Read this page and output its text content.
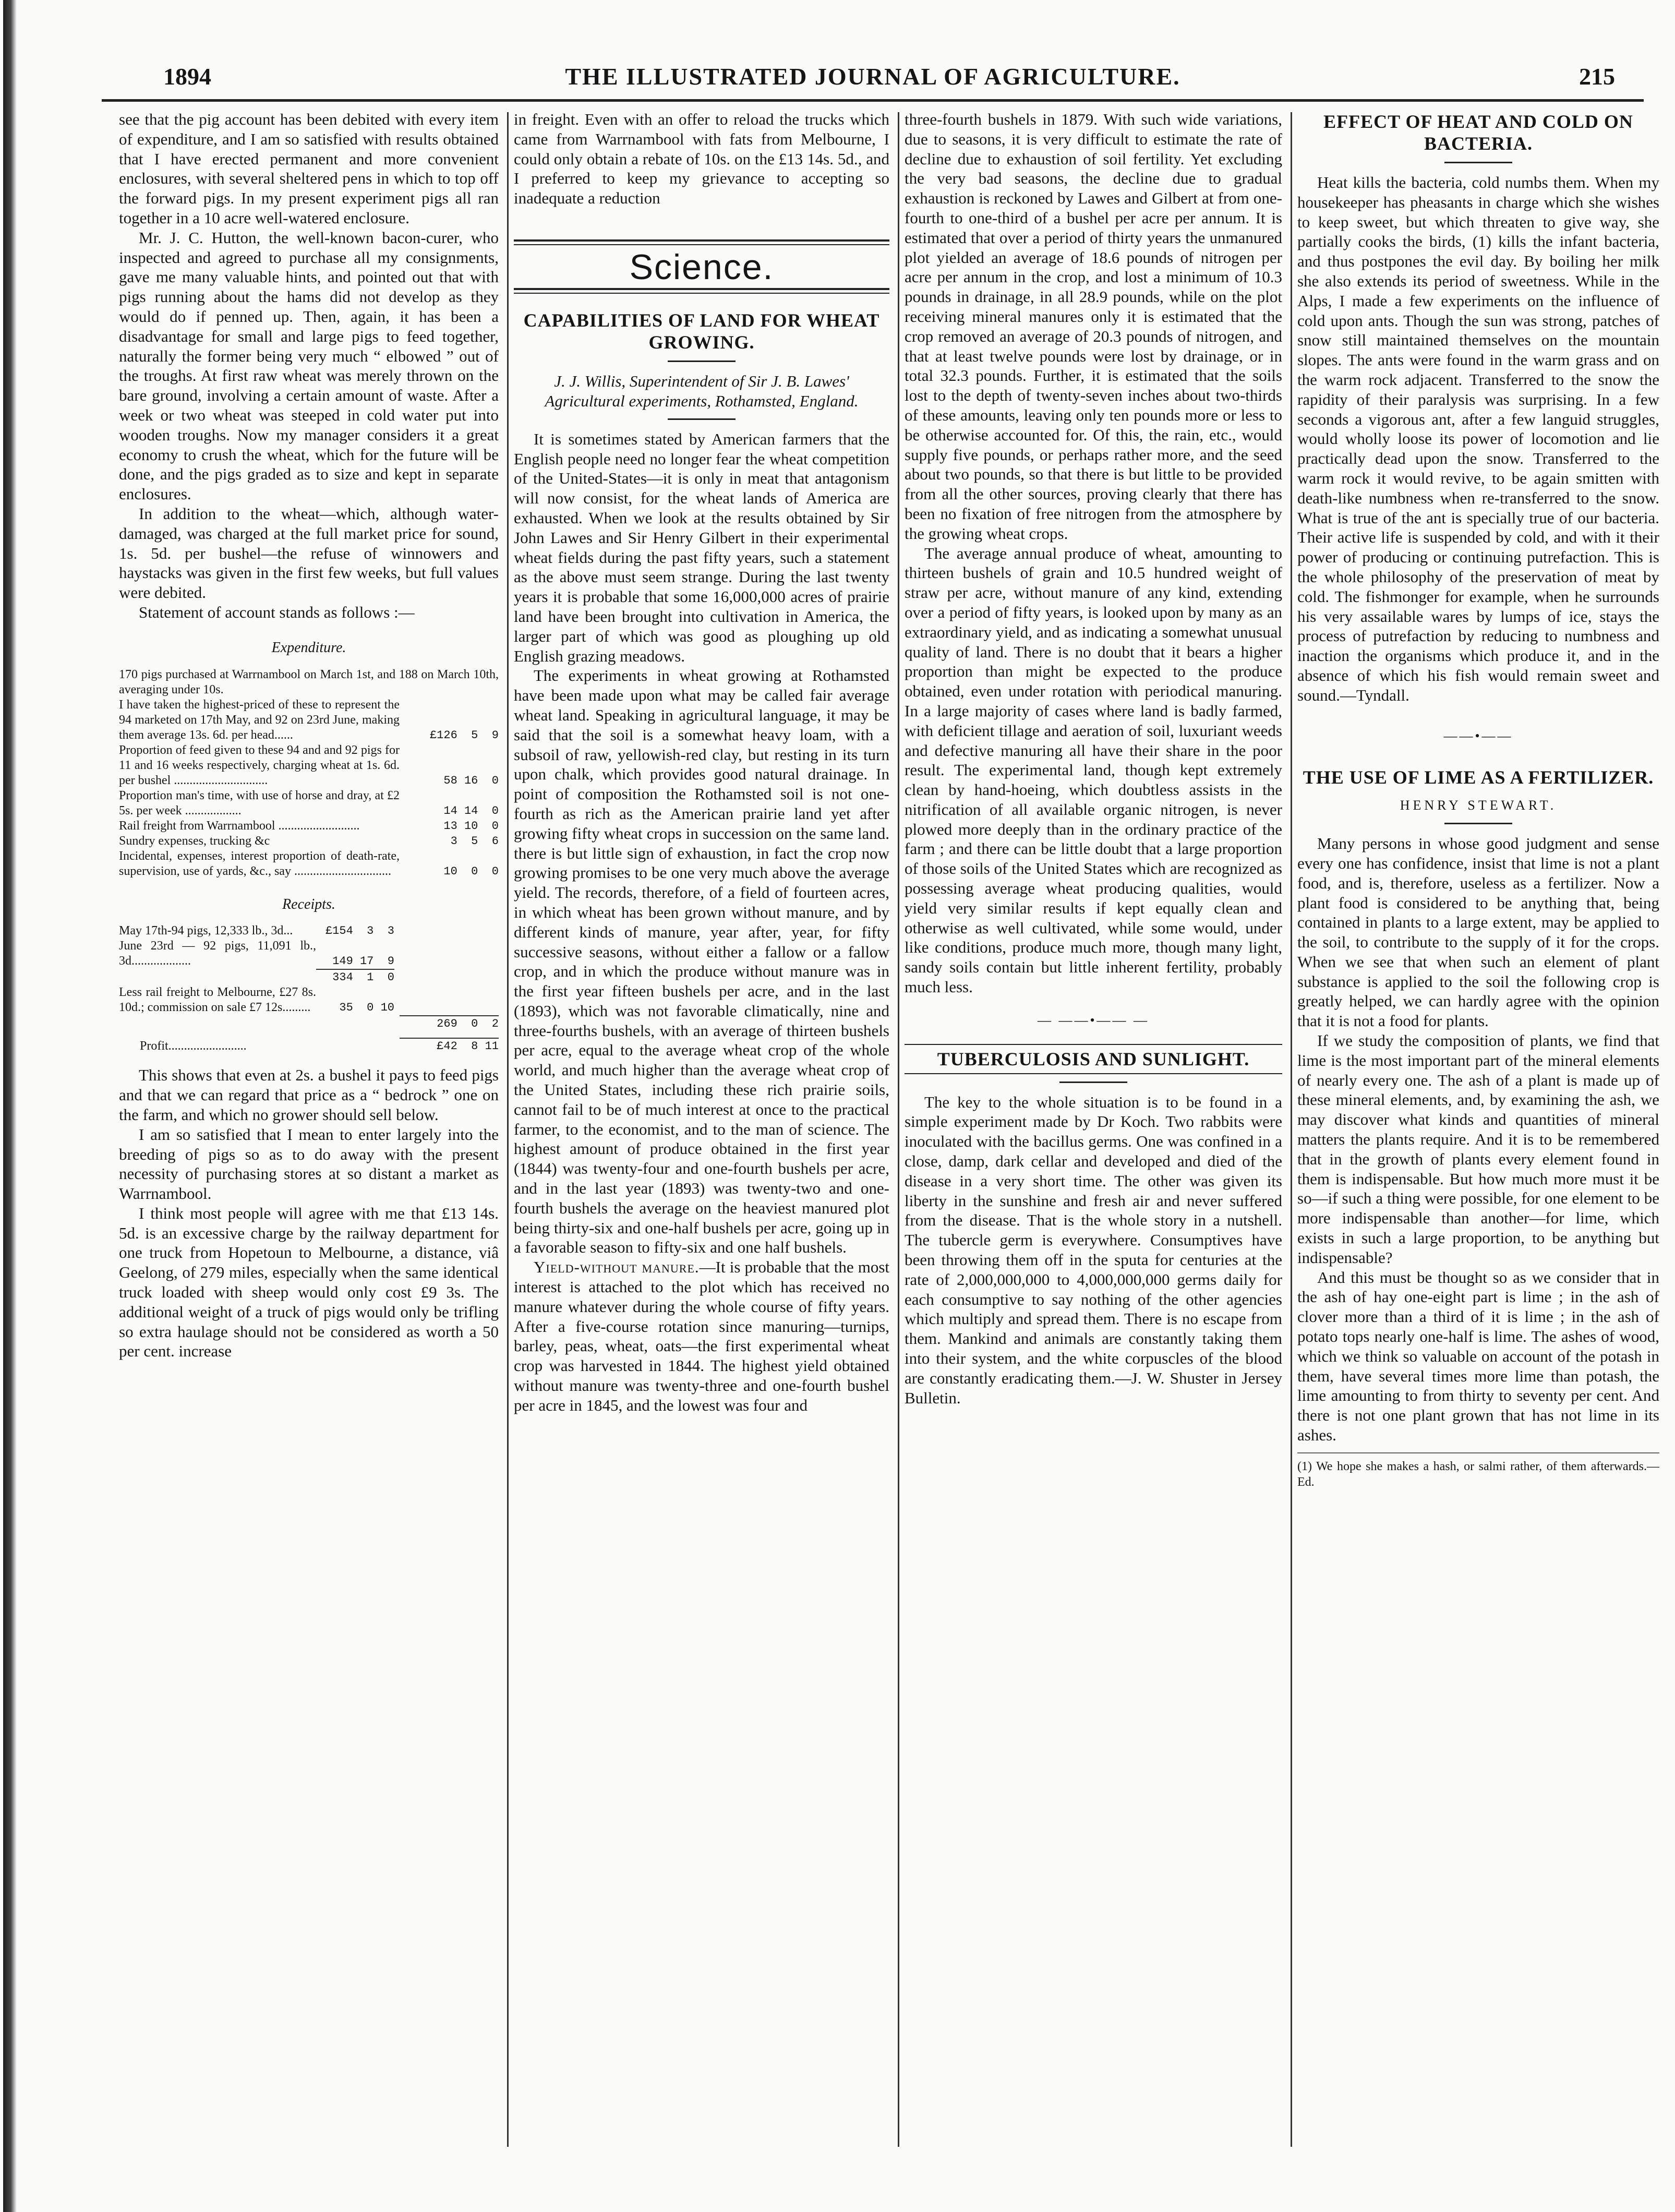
1894	THE ILLUSTRATED JOURNAL OF AGRICULTURE.	215

see that the pig account has been debited with every item of expenditure, and I am so satisfied with results obtained that I have erected permanent and more convenient enclosures, with several sheltered pens in which to top off the forward pigs. In my present experiment pigs all ran together in a 10 acre well-watered enclosure.

Mr. J. C. Hutton, the well-known bacon-curer, who inspected and agreed to purchase all my consignments, gave me many valuable hints, and pointed out that with pigs running about the hams did not develop as they would do if penned up. Then, again, it has been a disadvantage for small and large pigs to feed together, naturally the former being very much “ elbowed ” out of the troughs. At first raw wheat was merely thrown on the bare ground, involving a certain amount of waste. After a week or two wheat was steeped in cold water put into wooden troughs. Now my manager considers it a great economy to crush the wheat, which for the future will be done, and the pigs graded as to size and kept in separate enclosures.

In addition to the wheat—which, although water-damaged, was charged at the full market price for sound, 1s. 5d. per bushel—the refuse of winnowers and haystacks was given in the first few weeks, but full values were debited.

Statement of account stands as follows :—

Expenditure.
170 pigs purchased at Warrnambool on March 1st, and 188 on March 10th, averaging under 10s.
I have taken the highest-priced of these to represent the 94 marketed on 17th May, and 92 on 23rd June, making them average 13s. 6d. per head......	£126  5  9
Proportion of feed given to these 94 and and 92 pigs for 11 and 16 weeks respectively, charging wheat at 1s. 6d. per bushel ..............................	58 16  0
Proportion man's time, with use of horse and dray, at £2 5s. per week ..................	14 14  0
Rail freight from Warrnambool ..........................	13 10  0
Sundry expenses, trucking &c	3  5  6
Incidental, expenses, interest proportion of death-rate, supervision, use of yards, &c., say ...............................	10  0  0
Receipts.
May 17th-94 pigs, 12,333 lb., 3d...	£154  3  3
June 23rd — 92 pigs, 11,091 lb., 3d...................	149 17  9
334  1  0
Less rail freight to Melbourne, £27 8s. 10d.; commission on sale £7 12s.........	35  0 10
269  0  2
Profit.........................	£42  8 11

This shows that even at 2s. a bushel it pays to feed pigs and that we can regard that price as a “ bedrock ” one on the farm, and which no grower should sell below.

I am so satisfied that I mean to enter largely into the breeding of pigs so as to do away with the present necessity of purchasing stores at so distant a market as Warrnambool.

I think most people will agree with me that £13 14s. 5d. is an excessive charge by the railway department for one truck from Hopetoun to Melbourne, a distance, viâ Geelong, of 279 miles, especially when the same identical truck loaded with sheep would only cost £9 3s. The additional weight of a truck of pigs would only be trifling so extra haulage should not be considered as worth a 50 per cent. increase

in freight. Even with an offer to reload the trucks which came from Warrnambool with fats from Melbourne, I could only obtain a rebate of 10s. on the £13 14s. 5d., and I preferred to keep my grievance to accepting so inadequate a reduction

Science.
CAPABILITIES OF LAND FOR WHEAT GROWING.
J. J. Willis, Superintendent of Sir J. B. Lawes' Agricultural experiments, Rothamsted, England.

It is sometimes stated by American farmers that the English people need no longer fear the wheat competition of the United-States—it is only in meat that antagonism will now consist, for the wheat lands of America are exhausted. When we look at the results obtained by Sir John Lawes and Sir Henry Gilbert in their experimental wheat fields during the past fifty years, such a statement as the above must seem strange. During the last twenty years it is probable that some 16,000,000 acres of prairie land have been brought into cultivation in America, the larger part of which was good as ploughing up old English grazing meadows.

The experiments in wheat growing at Rothamsted have been made upon what may be called fair average wheat land. Speaking in agricultural language, it may be said that the soil is a somewhat heavy loam, with a subsoil of raw, yellowish-red clay, but resting in its turn upon chalk, which provides good natural drainage. In point of composition the Rothamsted soil is not one-fourth as rich as the American prairie land yet after growing fifty wheat crops in succession on the same land. there is but little sign of exhaustion, in fact the crop now growing promises to be one very much above the average yield. The records, therefore, of a field of fourteen acres, in which wheat has been grown without manure, and by different kinds of manure, year after, year, for fifty successive seasons, without either a fallow or a fallow crop, and in which the produce without manure was in the first year fifteen bushels per acre, and in the last (1893), which was not favorable climatically, nine and three-fourths bushels, with an average of thirteen bushels per acre, equal to the average wheat crop of the whole world, and much higher than the average wheat crop of the United States, including these rich prairie soils, cannot fail to be of much interest at once to the practical farmer, to the economist, and to the man of science. The highest amount of produce obtained in the first year (1844) was twenty-four and one-fourth bushels per acre, and in the last year (1893) was twenty-two and one-fourth bushels the average on the heaviest manured plot being thirty-six and one-half bushels per acre, going up in a favorable season to fifty-six and one half bushels.

Yield-without manure.—It is probable that the most interest is attached to the plot which has received no manure whatever during the whole course of fifty years. After a five-course rotation since manuring—turnips, barley, peas, wheat, oats—the first experimental wheat crop was harvested in 1844. The highest yield obtained without manure was twenty-three and one-fourth bushel per acre in 1845, and the lowest was four and

three-fourth bushels in 1879. With such wide variations, due to seasons, it is very difficult to estimate the rate of decline due to exhaustion of soil fertility. Yet excluding the very bad seasons, the decline due to gradual exhaustion is reckoned by Lawes and Gilbert at from one-fourth to one-third of a bushel per acre per annum. It is estimated that over a period of thirty years the unmanured plot yielded an average of 18.6 pounds of nitrogen per acre per annum in the crop, and lost a minimum of 10.3 pounds in drainage, in all 28.9 pounds, while on the plot receiving mineral manures only it is estimated that the crop removed an average of 20.3 pounds of nitrogen, and that at least twelve pounds were lost by drainage, or in total 32.3 pounds. Further, it is estimated that the soils lost to the depth of twenty-seven inches about two-thirds of these amounts, leaving only ten pounds more or less to be otherwise accounted for. Of this, the rain, etc., would supply five pounds, or perhaps rather more, and the seed about two pounds, so that there is but little to be provided from all the other sources, proving clearly that there has been no fixation of free nitrogen from the atmosphere by the growing wheat crops.

The average annual produce of wheat, amounting to thirteen bushels of grain and 10.5 hundred weight of straw per acre, without manure of any kind, extending over a period of fifty years, is looked upon by many as an extraordinary yield, and as indicating a somewhat unusual quality of land. There is no doubt that it bears a higher proportion than might be expected to the produce obtained, even under rotation with periodical manuring. In a large majority of cases where land is badly farmed, with deficient tillage and aeration of soil, luxuriant weeds and defective manuring all have their share in the poor result. The experimental land, though kept extremely clean by hand-hoeing, which doubtless assists in the nitrification of all available organic nitrogen, is never plowed more deeply than in the ordinary practice of the farm ; and there can be little doubt that a large proportion of those soils of the United States which are recognized as possessing average wheat producing qualities, would yield very similar results if kept equally clean and otherwise as well cultivated, while some would, under like conditions, produce much more, though many light, sandy soils contain but little inherent fertility, probably much less.

— ——•—— —
TUBERCULOSIS AND SUNLIGHT.

The key to the whole situation is to be found in a simple experiment made by Dr Koch. Two rabbits were inoculated with the bacillus germs. One was confined in a close, damp, dark cellar and developed and died of the disease in a very short time. The other was given its liberty in the sunshine and fresh air and never suffered from the disease. That is the whole story in a nutshell. The tubercle germ is everywhere. Consumptives have been throwing them off in the sputa for centuries at the rate of 2,000,000,000 to 4,000,000,000 germs daily for each consumptive to say nothing of the other agencies which multiply and spread them. There is no escape from them. Mankind and animals are constantly taking them into their system, and the white corpuscles of the blood are constantly eradicating them.—J. W. Shuster in Jersey Bulletin.

EFFECT OF HEAT AND COLD ON BACTERIA.

Heat kills the bacteria, cold numbs them. When my housekeeper has pheasants in charge which she wishes to keep sweet, but which threaten to give way, she partially cooks the birds, (1) kills the infant bacteria, and thus postpones the evil day. By boiling her milk she also extends its period of sweetness. While in the Alps, I made a few experiments on the influence of cold upon ants. Though the sun was strong, patches of snow still maintained themselves on the mountain slopes. The ants were found in the warm grass and on the warm rock adjacent. Transferred to the snow the rapidity of their paralysis was surprising. In a few seconds a vigorous ant, after a few languid struggles, would wholly loose its power of locomotion and lie practically dead upon the snow. Transferred to the warm rock it would revive, to be again smitten with death-like numbness when re-transferred to the snow. What is true of the ant is specially true of our bacteria. Their active life is suspended by cold, and with it their power of producing or continuing putrefaction. This is the whole philosophy of the preservation of meat by cold. The fishmonger for example, when he surrounds his very assailable wares by lumps of ice, stays the process of putrefaction by reducing to numbness and inaction the organisms which produce it, and in the absence of which his fish would remain sweet and sound.—Tyndall.

——•——
THE USE OF LIME AS A FERTILIZER.
HENRY STEWART.

Many persons in whose good judgment and sense every one has confidence, insist that lime is not a plant food, and is, therefore, useless as a fertilizer. Now a plant food is considered to be anything that, being contained in plants to a large extent, may be applied to the soil, to contribute to the supply of it for the crops. When we see that when such an element of plant substance is applied to the soil the following crop is greatly helped, we can hardly agree with the opinion that it is not a food for plants.

If we study the composition of plants, we find that lime is the most important part of the mineral elements of nearly every one. The ash of a plant is made up of these mineral elements, and, by examining the ash, we may discover what kinds and quantities of mineral matters the plants require. And it is to be remembered that in the growth of plants every element found in them is indispensable. But how much more must it be so—if such a thing were possible, for one element to be more indispensable than another—for lime, which exists in such a large proportion, to be anything but indispensable?

And this must be thought so as we consider that in the ash of hay one-eight part is lime ; in the ash of clover more than a third of it is lime ; in the ash of potato tops nearly one-half is lime. The ashes of wood, which we think so valuable on account of the potash in them, have several times more lime than potash, the lime amounting to from thirty to seventy per cent. And there is not one plant grown that has not lime in its ashes.

(1) We hope she makes a hash, or salmi rather, of them afterwards.—Ed.
